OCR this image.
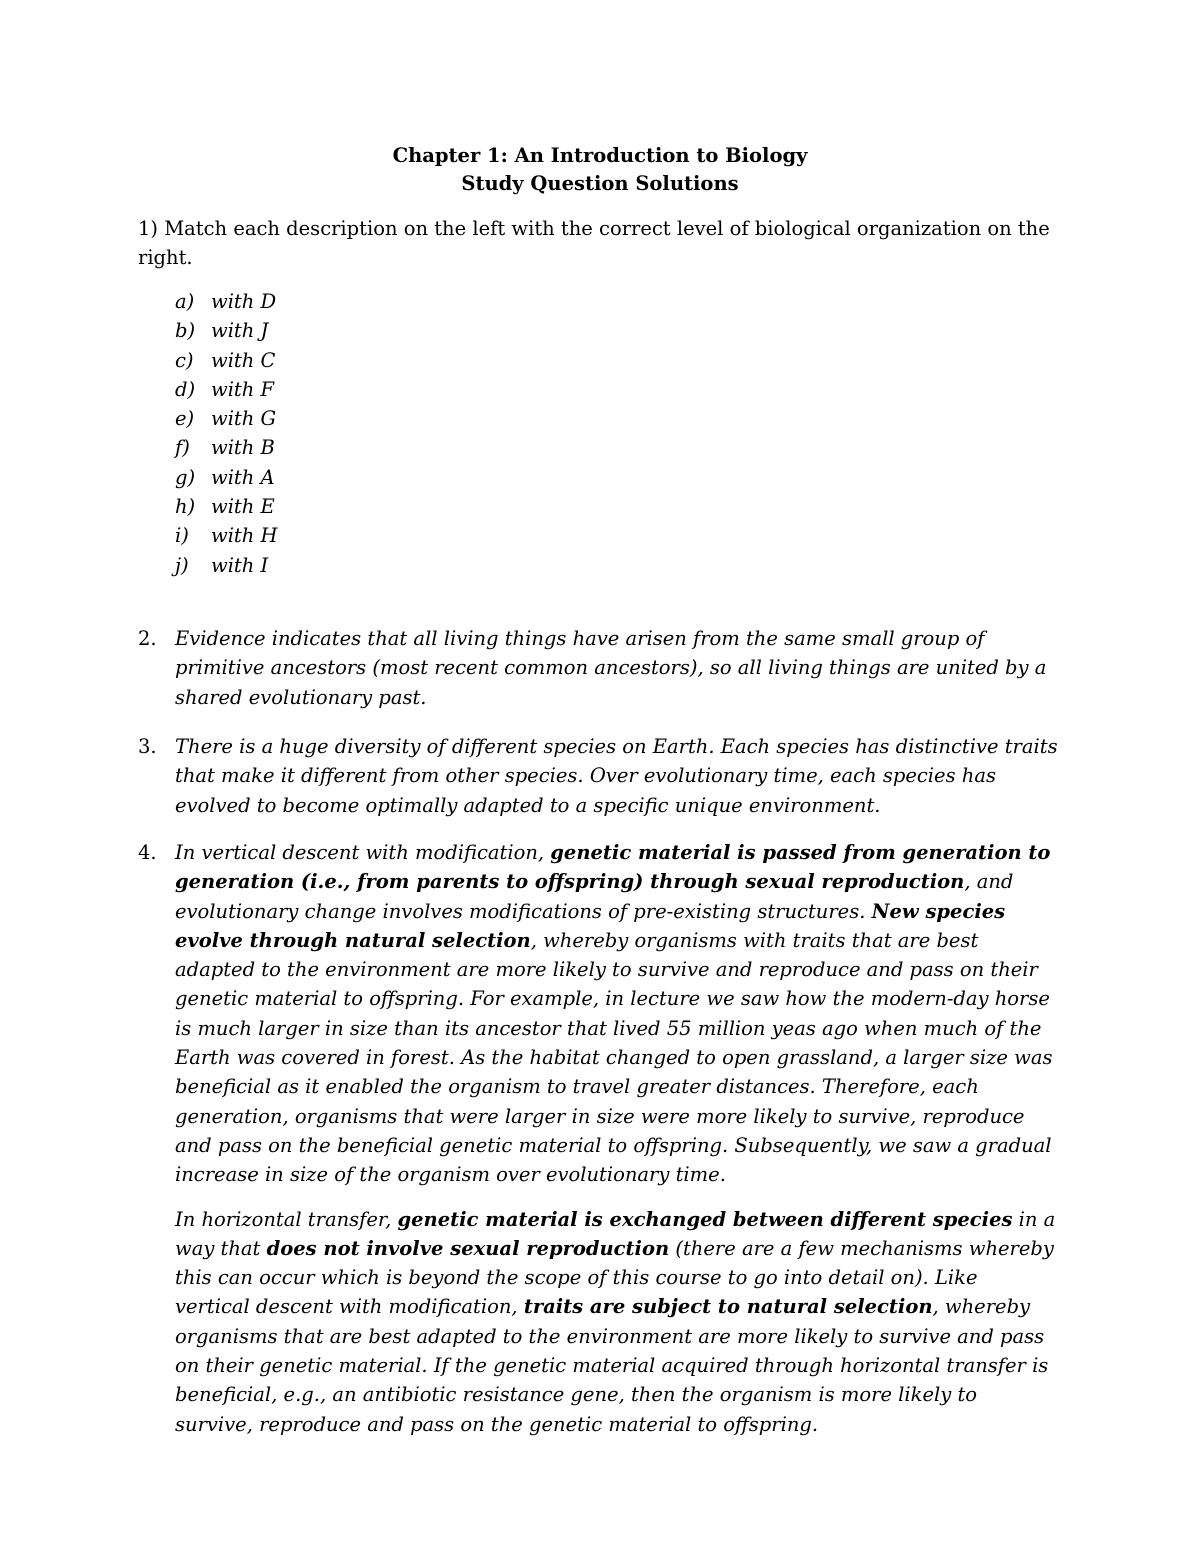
Chapter 1: An Introduction to Biology
Study Question Solutions
1) Match each description on the left with the correct level of biological organization on the right.
a) with D
b) with J
c) with C
d) with F
e) with G
f)	with B
g) with A
h) with E
i)	with H
j)	with I
2. Evidence indicates that all living things have arisen from the same small group of primitive ancestors (most recent common ancestors), so all living things are united by a shared evolutionary past.

3. There is a huge diversity of different species on Earth. Each species has distinctive traits that make it different from other species. Over evolutionary time, each species has evolved to become optimally adapted to a specific unique environment.

4. In vertical descent with modification, genetic material is passed from generation to generation (i.e., from parents to offspring) through sexual reproduction, and evolutionary change involves modifications of pre-existing structures. New species evolve through natural selection, whereby organisms with traits that are best adapted to the environment are more likely to survive and reproduce and pass on their genetic material to offspring. For example, in lecture we saw how the modern-day horse is much larger in size than its ancestor that lived 55 million yeas ago when much of the Earth was covered in forest. As the habitat changed to open grassland, a larger size was beneficial as it enabled the organism to travel greater distances. Therefore, each generation, organisms that were larger in size were more likely to survive, reproduce and pass on the beneficial genetic material to offspring. Subsequently, we saw a gradual increase in size of the organism over evolutionary time.

In horizontal transfer, genetic material is exchanged between different species in a way that does not involve sexual reproduction (there are a few mechanisms whereby this can occur which is beyond the scope of this course to go into detail on). Like vertical descent with modification, traits are subject to natural selection, whereby organisms that are best adapted to the environment are more likely to survive and pass on their genetic material. If the genetic material acquired through horizontal transfer is beneficial, e.g., an antibiotic resistance gene, then the organism is more likely to survive, reproduce and pass on the genetic material to offspring.
